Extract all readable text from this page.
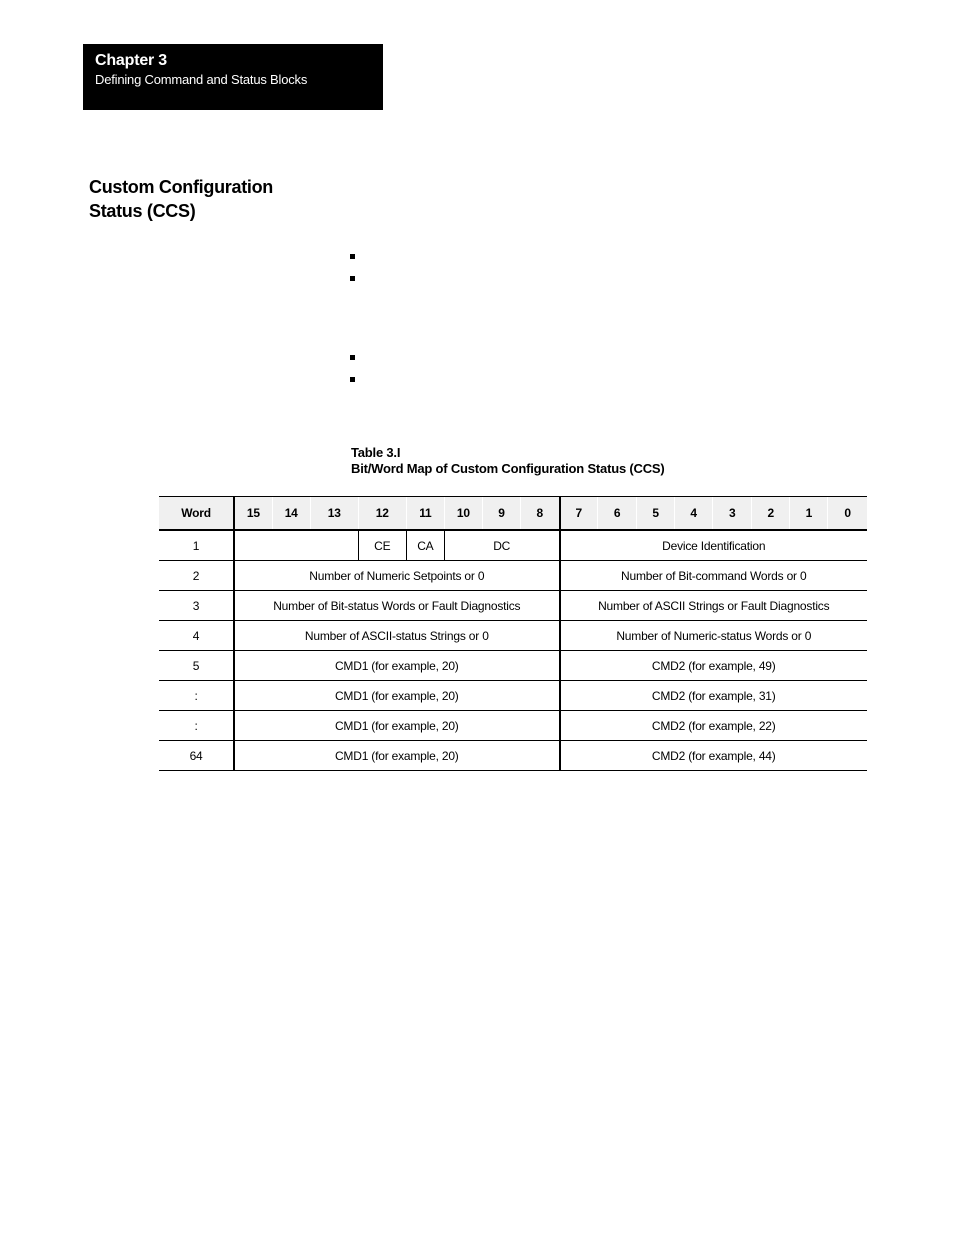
Chapter 3
Defining Command and Status Blocks
Custom Configuration
Status (CCS)
Table 3.I
Bit/Word Map of Custom Configuration Status (CCS)
Word	15	14	13	12	11	10	9	8	7	6	5	4	3	2	1	0
1				CE	CA	DC			Device Identification							
2	Number of Numeric Setpoints or 0								Number of Bit-command Words or 0							
3	Number of Bit-status Words or Fault Diagnostics								Number of ASCII Strings or Fault Diagnostics							
4	Number of ASCII-status Strings or 0								Number of Numeric-status Words or 0							
5	CMD1 (for example, 20)								CMD2 (for example, 49)							
:	CMD1 (for example, 20)								CMD2 (for example, 31)							
:	CMD1 (for example, 20)								CMD2 (for example, 22)							
64	CMD1 (for example, 20)								CMD2 (for example, 44)							
